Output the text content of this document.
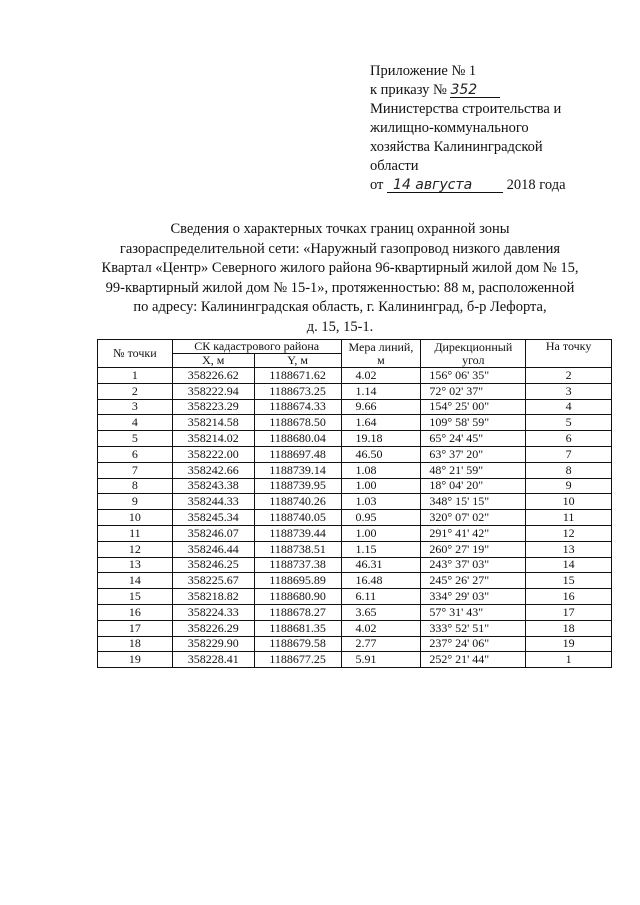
Приложение № 1
к приказу № 352
Министерства строительства и
жилищно-коммунального
хозяйства Калининградской
области
от 14 августа 2018 года
Сведения о характерных точках границ охранной зоны
газораспределительной сети: «Наружный газопровод низкого давления
Квартал «Центр» Северного жилого района 96-квартирный жилой дом № 15,
99-квартирный жилой дом № 15-1», протяженностью: 88 м, расположенной
по адресу: Калининградская область, г. Калининград, б-р Лефорта,
д. 15, 15-1.
№ точки	СК кадастрового района		Мера линий, м	Дирекционный угол	На точку
	X, м	Y, м			
1	358226.62	1188671.62	4.02	156° 06' 35"	2
2	358222.94	1188673.25	1.14	72° 02' 37"	3
3	358223.29	1188674.33	9.66	154° 25' 00"	4
4	358214.58	1188678.50	1.64	109° 58' 59"	5
5	358214.02	1188680.04	19.18	65° 24' 45"	6
6	358222.00	1188697.48	46.50	63° 37' 20"	7
7	358242.66	1188739.14	1.08	48° 21' 59"	8
8	358243.38	1188739.95	1.00	18° 04' 20"	9
9	358244.33	1188740.26	1.03	348° 15' 15"	10
10	358245.34	1188740.05	0.95	320° 07' 02"	11
11	358246.07	1188739.44	1.00	291° 41' 42"	12
12	358246.44	1188738.51	1.15	260° 27' 19"	13
13	358246.25	1188737.38	46.31	243° 37' 03"	14
14	358225.67	1188695.89	16.48	245° 26' 27"	15
15	358218.82	1188680.90	6.11	334° 29' 03"	16
16	358224.33	1188678.27	3.65	57° 31' 43"	17
17	358226.29	1188681.35	4.02	333° 52' 51"	18
18	358229.90	1188679.58	2.77	237° 24' 06"	19
19	358228.41	1188677.25	5.91	252° 21' 44"	1
